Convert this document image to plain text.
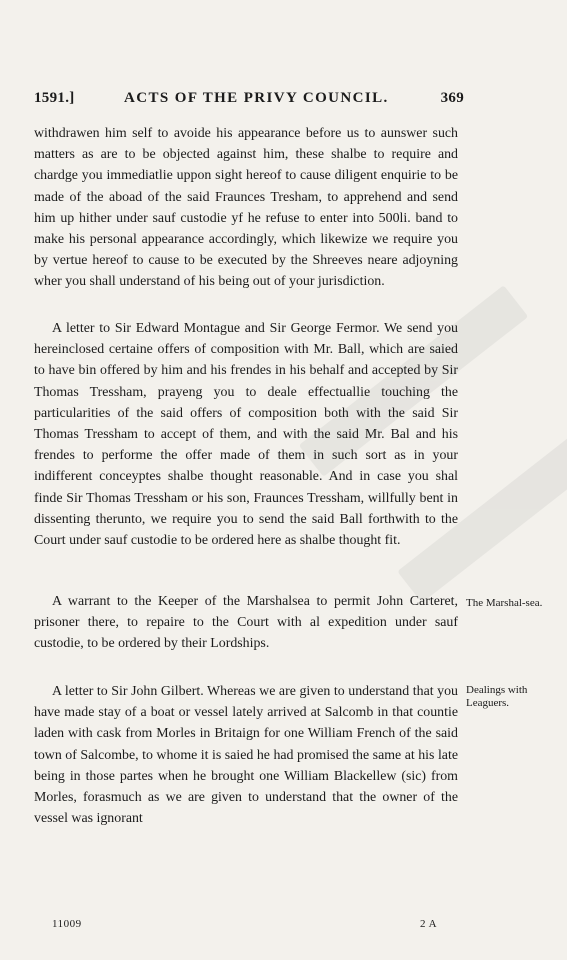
1591.]	ACTS OF THE PRIVY COUNCIL.	369

withdrawen him self to avoide his appearance before us to aunswer such matters as are to be objected against him, these shalbe to require and chardge you immediatlie uppon sight hereof to cause diligent enquirie to be made of the aboad of the said Fraunces Tresham, to apprehend and send him up hither under sauf custodie yf he refuse to enter into 500li. band to make his personal appearance accordingly, which likewize we require you by vertue hereof to cause to be executed by the Shreeves neare adjoyning wher you shall understand of his being out of your jurisdiction.

A letter to Sir Edward Montague and Sir George Fermor. We send you hereinclosed certaine offers of composition with Mr. Ball, which are saied to have bin offered by him and his frendes in his behalf and accepted by Sir Thomas Tressham, prayeng you to deale effectuallie touching the particularities of the said offers of composition both with the said Sir Thomas Tressham to accept of them, and with the said Mr. Bal and his frendes to performe the offer made of them in such sort as in your indifferent conceyptes shalbe thought reasonable. And in case you shal finde Sir Thomas Tressham or his son, Fraunces Tressham, willfully bent in dissenting therunto, we require you to send the said Ball forthwith to the Court under sauf custodie to be ordered here as shalbe thought fit.

A warrant to the Keeper of the Marshalsea to permit John Carteret, prisoner there, to repaire to the Court with al expedition under sauf custodie, to be ordered by their Lordships.

A letter to Sir John Gilbert. Whereas we are given to understand that you have made stay of a boat or vessel lately arrived at Salcomb in that countie laden with cask from Morles in Britaign for one William French of the said town of Salcombe, to whome it is saied he had promised the same at his late being in those partes when he brought one William Blackellew (sic) from Morles, forasmuch as we are given to understand that the owner of the vessel was ignorant

The Marshal-sea.
Dealings with Leaguers.
11009	2 A
